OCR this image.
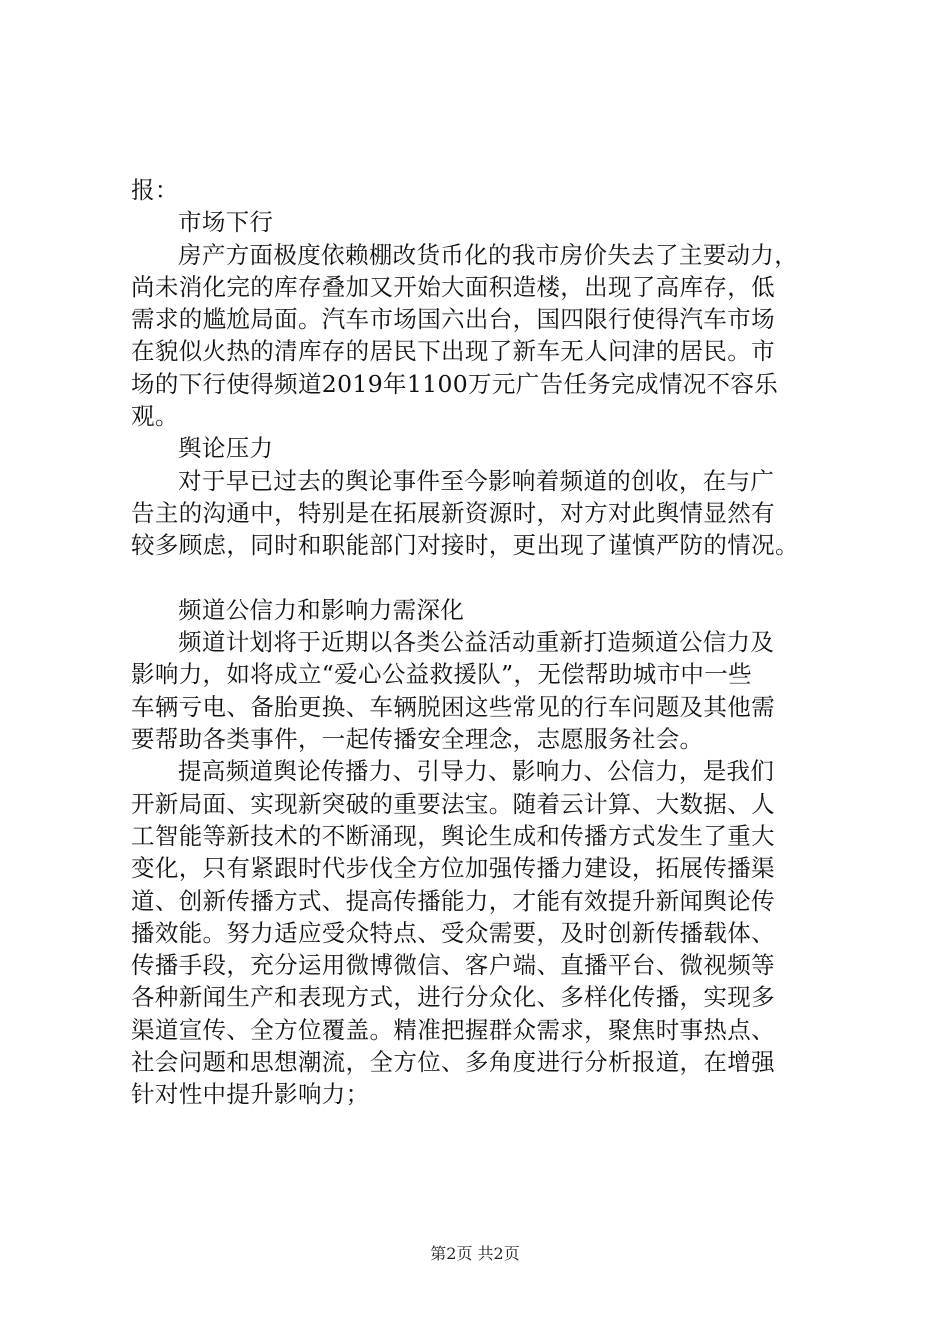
报：
市场下行
房产方面极度依赖棚改货币化的我市房价失去了主要动力，
尚未消化完的库存叠加又开始大面积造楼，出现了高库存，低
需求的尴尬局面。汽车市场国六出台，国四限行使得汽车市场
在貌似火热的清库存的居民下出现了新车无人问津的居民。市
场的下行使得频道2019年1100万元广告任务完成情况不容乐
观。
舆论压力
对于早已过去的舆论事件至今影响着频道的创收，在与广
告主的沟通中，特别是在拓展新资源时，对方对此舆情显然有
较多顾虑，同时和职能部门对接时，更出现了谨慎严防的情况。
频道公信力和影响力需深化
频道计划将于近期以各类公益活动重新打造频道公信力及
影响力，如将成立“爱心公益救援队”，无偿帮助城市中一些
车辆亏电、备胎更换、车辆脱困这些常见的行车问题及其他需
要帮助各类事件，一起传播安全理念，志愿服务社会。
提高频道舆论传播力、引导力、影响力、公信力，是我们
开新局面、实现新突破的重要法宝。随着云计算、大数据、人
工智能等新技术的不断涌现，舆论生成和传播方式发生了重大
变化，只有紧跟时代步伐全方位加强传播力建设，拓展传播渠
道、创新传播方式、提高传播能力，才能有效提升新闻舆论传
播效能。努力适应受众特点、受众需要，及时创新传播载体、
传播手段，充分运用微博微信、客户端、直播平台、微视频等
各种新闻生产和表现方式，进行分众化、多样化传播，实现多
渠道宣传、全方位覆盖。精准把握群众需求，聚焦时事热点、
社会问题和思想潮流，全方位、多角度进行分析报道，在增强
针对性中提升影响力；
第2页 共2页
